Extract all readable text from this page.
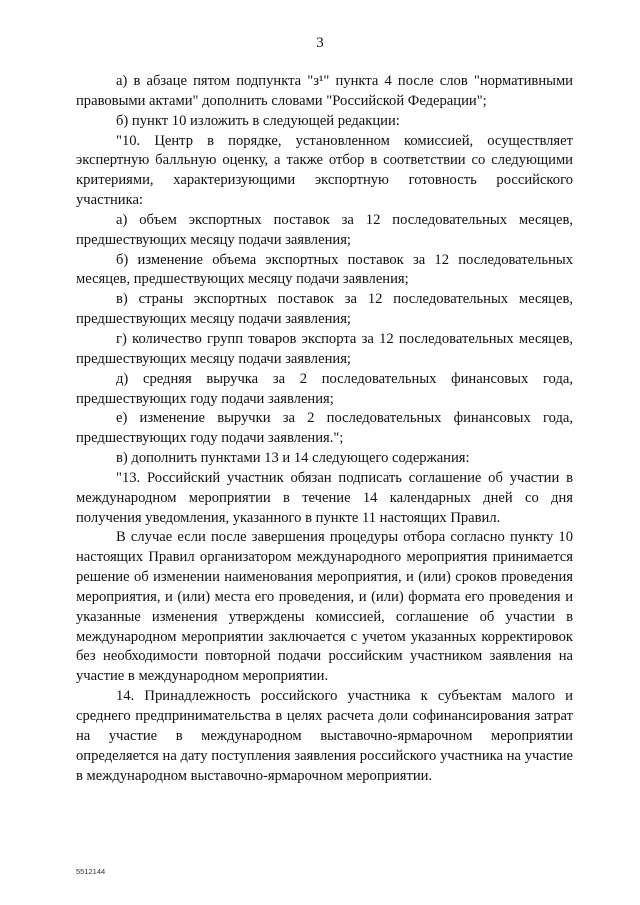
3

а) в абзаце пятом подпункта "з¹" пункта 4 после слов "нормативными правовыми актами" дополнить словами "Российской Федерации";

б) пункт 10 изложить в следующей редакции:

"10. Центр в порядке, установленном комиссией, осуществляет экспертную балльную оценку, а также отбор в соответствии со следующими критериями, характеризующими экспортную готовность российского участника:

а) объем экспортных поставок за 12 последовательных месяцев, предшествующих месяцу подачи заявления;

б) изменение объема экспортных поставок за 12 последовательных месяцев, предшествующих месяцу подачи заявления;

в) страны экспортных поставок за 12 последовательных месяцев, предшествующих месяцу подачи заявления;

г) количество групп товаров экспорта за 12 последовательных месяцев, предшествующих месяцу подачи заявления;

д) средняя выручка за 2 последовательных финансовых года, предшествующих году подачи заявления;

е) изменение выручки за 2 последовательных финансовых года, предшествующих году подачи заявления.";

в) дополнить пунктами 13 и 14 следующего содержания:

"13. Российский участник обязан подписать соглашение об участии в международном мероприятии в течение 14 календарных дней со дня получения уведомления, указанного в пункте 11 настоящих Правил.

В случае если после завершения процедуры отбора согласно пункту 10 настоящих Правил организатором международного мероприятия принимается решение об изменении наименования мероприятия, и (или) сроков проведения мероприятия, и (или) места его проведения, и (или) формата его проведения и указанные изменения утверждены комиссией, соглашение об участии в международном мероприятии заключается с учетом указанных корректировок без необходимости повторной подачи российским участником заявления на участие в международном мероприятии.

14. Принадлежность российского участника к субъектам малого и среднего предпринимательства в целях расчета доли софинансирования затрат на участие в международном выставочно-ярмарочном мероприятии определяется на дату поступления заявления российского участника на участие в международном выставочно-ярмарочном мероприятии.

5512144
